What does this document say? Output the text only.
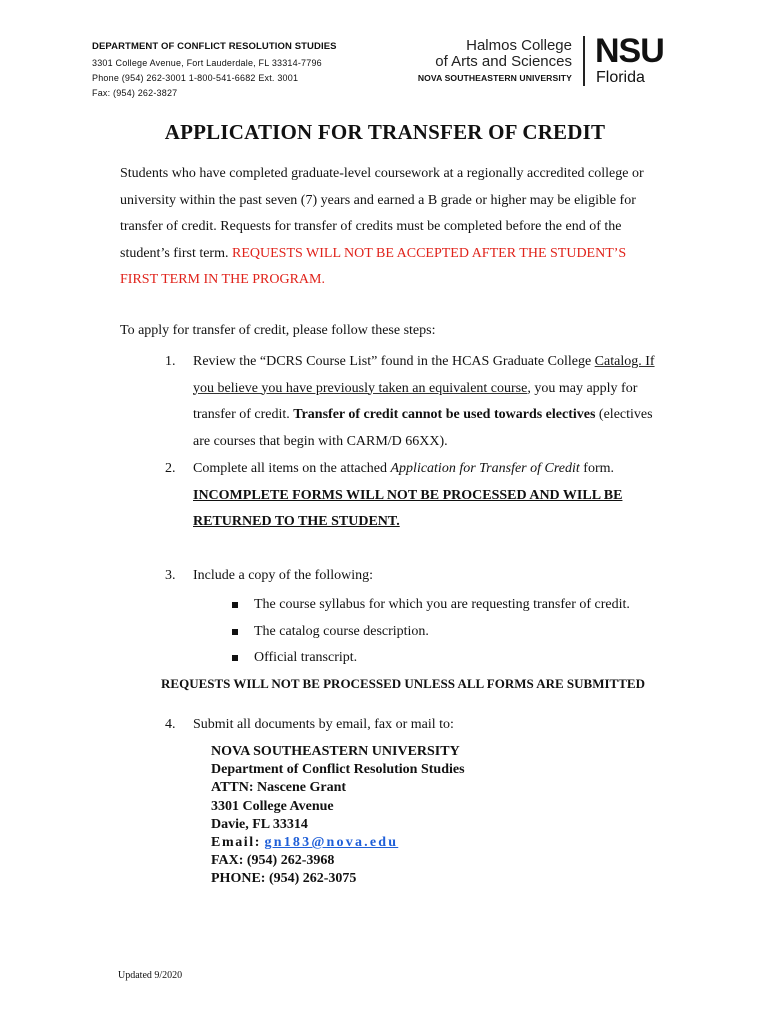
DEPARTMENT OF CONFLICT RESOLUTION STUDIES
3301 College Avenue, Fort Lauderdale, FL 33314-7796
Phone (954) 262-3001 1-800-541-6682 Ext. 3001
Fax: (954) 262-3827
Halmos College
of Arts and Sciences
NOVA SOUTHEASTERN UNIVERSITY
NSU
Florida
APPLICATION FOR TRANSFER OF CREDIT
Students who have completed graduate-level coursework at a regionally accredited college or university within the past seven (7) years and earned a B grade or higher may be eligible for transfer of credit. Requests for transfer of credits must be completed before the end of the student’s first term. REQUESTS WILL NOT BE ACCEPTED AFTER THE STUDENT’S FIRST TERM IN THE PROGRAM.
To apply for transfer of credit, please follow these steps:
1.	Review the “DCRS Course List” found in the HCAS Graduate College Catalog. If you believe you have previously taken an equivalent course, you may apply for transfer of credit. Transfer of credit cannot be used towards electives (electives are courses that begin with CARM/D 66XX).
2.	Complete all items on the attached Application for Transfer of Credit form.
INCOMPLETE FORMS WILL NOT BE PROCESSED AND WILL BE RETURNED TO THE STUDENT.
3.	Include a copy of the following:
The course syllabus for which you are requesting transfer of credit.
The catalog course description.
Official transcript.
REQUESTS WILL NOT BE PROCESSED UNLESS ALL FORMS ARE SUBMITTED
4.	Submit all documents by email, fax or mail to:
NOVA SOUTHEASTERN UNIVERSITY
Department of Conflict Resolution Studies
ATTN: Nascene Grant
3301 College Avenue
Davie, FL 33314
Email: gn183@nova.edu
FAX: (954) 262-3968
PHONE: (954) 262-3075
Updated 9/2020
